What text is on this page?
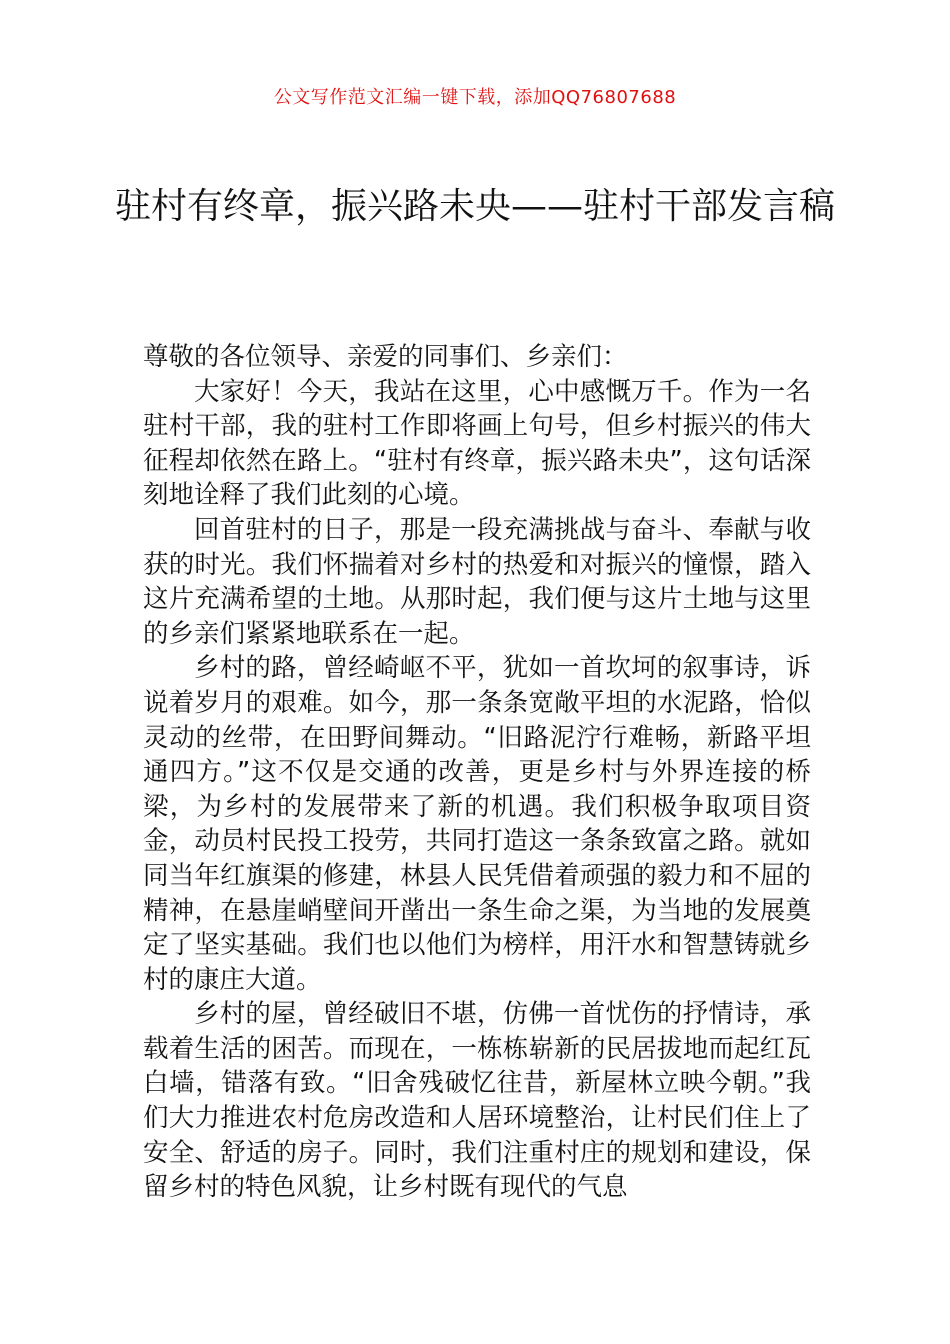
公文写作范文汇编一键下载，添加QQ76807688
驻村有终章，振兴路未央——驻村干部发言稿

尊敬的各位领导、亲爱的同事们、乡亲们：

大家好！今天，我站在这里，心中感慨万千。作为一名驻村干部，我的驻村工作即将画上句号，但乡村振兴的伟大征程却依然在路上。“驻村有终章，振兴路未央”，这句话深刻地诠释了我们此刻的心境。

回首驻村的日子，那是一段充满挑战与奋斗、奉献与收获的时光。我们怀揣着对乡村的热爱和对振兴的憧憬，踏入这片充满希望的土地。从那时起，我们便与这片土地与这里的乡亲们紧紧地联系在一起。

乡村的路，曾经崎岖不平，犹如一首坎坷的叙事诗，诉说着岁月的艰难。如今，那一条条宽敞平坦的水泥路，恰似灵动的丝带，在田野间舞动。“旧路泥泞行难畅，新路平坦通四方。”这不仅是交通的改善，更是乡村与外界连接的桥梁，为乡村的发展带来了新的机遇。我们积极争取项目资金，动员村民投工投劳，共同打造这一条条致富之路。就如同当年红旗渠的修建，林县人民凭借着顽强的毅力和不屈的精神，在悬崖峭壁间开凿出一条生命之渠，为当地的发展奠定了坚实基础。我们也以他们为榜样，用汗水和智慧铸就乡村的康庄大道。

乡村的屋，曾经破旧不堪，仿佛一首忧伤的抒情诗，承载着生活的困苦。而现在，一栋栋崭新的民居拔地而起红瓦白墙，错落有致。“旧舍残破忆往昔，新屋林立映今朝。”我们大力推进农村危房改造和人居环境整治，让村民们住上了安全、舒适的房子。同时，我们注重村庄的规划和建设，保留乡村的特色风貌，让乡村既有现代的气息
